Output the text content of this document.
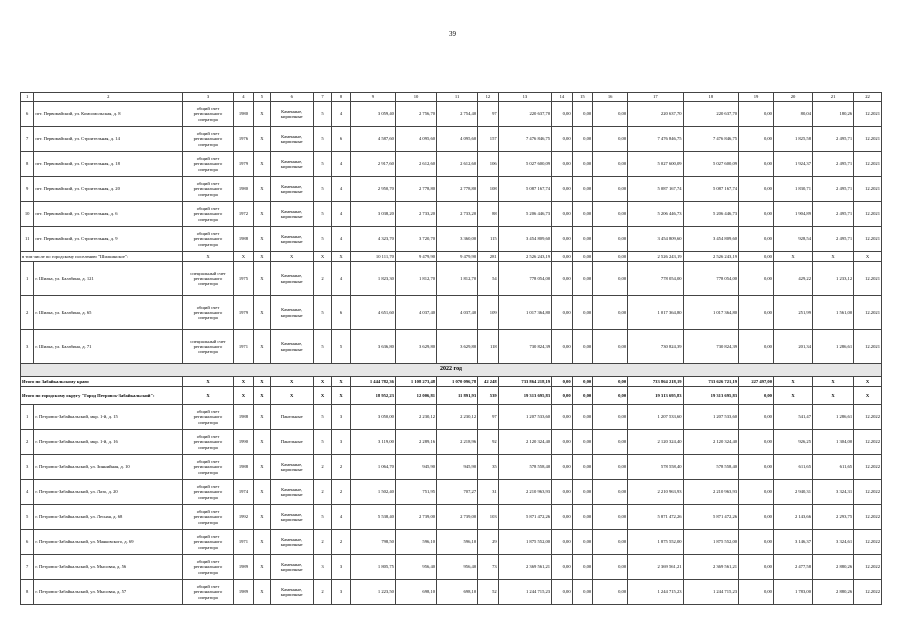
39
1	2	3	4	5	6	7	8	9	10	11	12	13	14	15	16	17	18	19	20	21	22
6	пгт. Первомайский, ул. Комсомольская, д. 8	общий счет регионального оператора	1980	Х	Каменные, кирпичные	5	4	3 059,40	2 756,70	2 754,40	97	220 637,70	0,00	0,00	0,00	220 637,70	220 637,70	0,00	80,04	180,26	12.2021
7	пгт. Первомайский, ул. Строительная, д. 14	общий счет регионального оператора	1976	Х	Каменные, кирпичные	5	6	4 587,60	4 095,60	4 095,60	157	7 476 846,75	0,00	0,00	0,00	7 476 846,75	7 476 846,75	0,00	1 825,58	2 495,71	12.2021
8	пгт. Первомайский, ул. Строительная, д. 18	общий счет регионального оператора	1979	Х	Каменные, кирпичные	5	4	2 917,60	2 612,60	2 612,60	106	5 027 600,09	0,00	0,00	0,00	5 027 600,09	5 027 600,09	0,00	1 924,37	2 495,71	12.2021
9	пгт. Первомайский, ул. Строительная, д. 20	общий счет регионального оператора	1980	Х	Каменные, кирпичные	5	4	2 950,70	2 778,80	2 778,80	108	5 087 167,74	0,00	0,00	0,00	5 087 167,74	5 087 167,74	0,00	1 830,71	2 495,71	12.2021
10	пгт. Первомайский, ул. Строительная, д. 6	общий счет регионального оператора	1972	Х	Каменные, кирпичные	5	4	3 038,20	2 733,20	2 733,20	88	5 206 446,73	0,00	0,00	0,00	5 206 446,73	5 206 446,73	0,00	1 904,89	2 495,71	12.2021
11	пгт. Первомайский, ул. Строительная, д. 9	общий счет регионального оператора	1988	Х	Каменные, кирпичные	5	4	4 323,70	3 720,70	3 360,00	115	3 454 809,60	0,00	0,00	0,00	3 454 809,60	3 454 809,60	0,00	928,54	2 495,71	12.2021
в том числе по городскому поселению "Шилкинское":		Х	Х	Х	Х	Х	Х	10 111,70	9 479,90	9 479,90	281	2 526 243,19	0,00	0,00	0,00	2 526 243,19	2 526 243,19	0,00	Х	Х	Х
1	г. Шилка, ул. Балабина, д. 121	специальный счет регионального оператора	1975	Х	Каменные, кирпичные	2	4	1 823,30	1 812,70	1 812,70	54	778 054,00	0,00	0,00	0,00	778 054,00	778 054,00	0,00	429,22	1 233,12	12.2021
2	г. Шилка, ул. Балабина, д. 65	общий счет регионального оператора	1979	Х	Каменные, кирпичные	5	6	4 651,60	4 037,40	4 037,40	109	1 017 364,80	0,00	0,00	0,00	1 017 364,80	1 017 364,80	0,00	251,99	1 561,00	12.2021
3	г. Шилка, ул. Балабина, д. 71	специальный счет регионального оператора	1971	Х	Каменные, кирпичные	5	5	3 636,80	3 629,80	3 629,80	118	730 824,39	0,00	0,00	0,00	730 824,39	730 824,39	0,00	201,34	1 286,61	12.2021
2022 год																					
Итого по Забайкальскому краю:		Х	Х	Х	Х	Х	Х	1 444 782,36	1 108 273,48	1 070 096,78	42 248	733 864 218,19	0,00	0,00	0,00	733 864 218,19	733 626 721,19	227 497,00	Х	Х	Х
Итого по городскому округу "Город Петровск-Забайкальский":		Х	Х	Х	Х	Х	Х	18 952,23	12 006,81	11 891,93	539	19 313 695,83	0,00	0,00	0,00	19 313 695,83	19 313 695,83	0,00	Х	Х	Х
1	г. Петровск-Забайкальский, мкр. 1-й, д. 15	общий счет регионального оператора	1988	Х	Панельные	5	3	3 050,00	2 230,12	2 230,12	97	1 207 533,60	0,00	0,00	0,00	1 207 533,60	1 207 533,60	0,00	541,47	1 286,61	12.2022
2	г. Петровск-Забайкальский, мкр. 1-й, д. 16	общий счет регионального оператора	1990	Х	Панельные	5	3	3 119,00	2 289,16	2 218,96	92	2 120 324,40	0,00	0,00	0,00	2 120 324,40	2 120 324,40	0,00	926,25	1 304,00	12.2022
3	г. Петровск-Забайкальский, ул. Зиннийная, д. 10	общий счет регионального оператора	1988	Х	Каменные, кирпичные	2	2	1 064,70	945,90	945,90	35	578 558,40	0,00	0,00	0,00	578 558,40	578 558,40	0,00	611,65	611,65	12.2022
4	г. Петровск-Забайкальский, ул. Лазо, д. 20	общий счет регионального оператора	1974	Х	Каменные, кирпичные	2	2	1 502,40	751,95	707,27	31	2 210 963,93	0,00	0,00	0,00	2 210 963,93	2 210 963,93	0,00	2 940,31	3 324,31	12.2022
5	г. Петровск-Забайкальский, ул. Лесная, д. 68	общий счет регионального оператора	1992	Х	Каменные, кирпичные	5	4	5 538,40	2 739,00	2 739,00	103	5 871 472,26	0,00	0,00	0,00	5 871 472,26	5 871 472,26	0,00	2 143,66	2 293,75	12.2022
6	г. Петровск-Забайкальский, ул. Маяковского, д. 69	общий счет регионального оператора	1971	Х	Каменные, кирпичные	2	2	798,50	596,10	596,10	29	1 875 552,00	0,00	0,00	0,00	1 875 552,00	1 875 552,00	0,00	3 146,37	3 324,61	12.2022
7	г. Петровск-Забайкальский, ул. Мысовая, д. 56	общий счет регионального оператора	1989	Х	Каменные, кирпичные	3	3	1 805,75	956,40	956,40	73	2 369 561,21	0,00	0,00	0,00	2 369 561,21	2 369 561,21	0,00	2 477,58	2 880,26	12.2022
8	г. Петровск-Забайкальский, ул. Мысовая, д. 57	общий счет регионального оператора	1989	Х	Каменные, кирпичные	2	3	1 223,50	698,10	698,10	52	1 244 715,23	0,00	0,00	0,00	1 244 715,23	1 244 715,23	0,00	1 783,00	2 880,26	12.2022
